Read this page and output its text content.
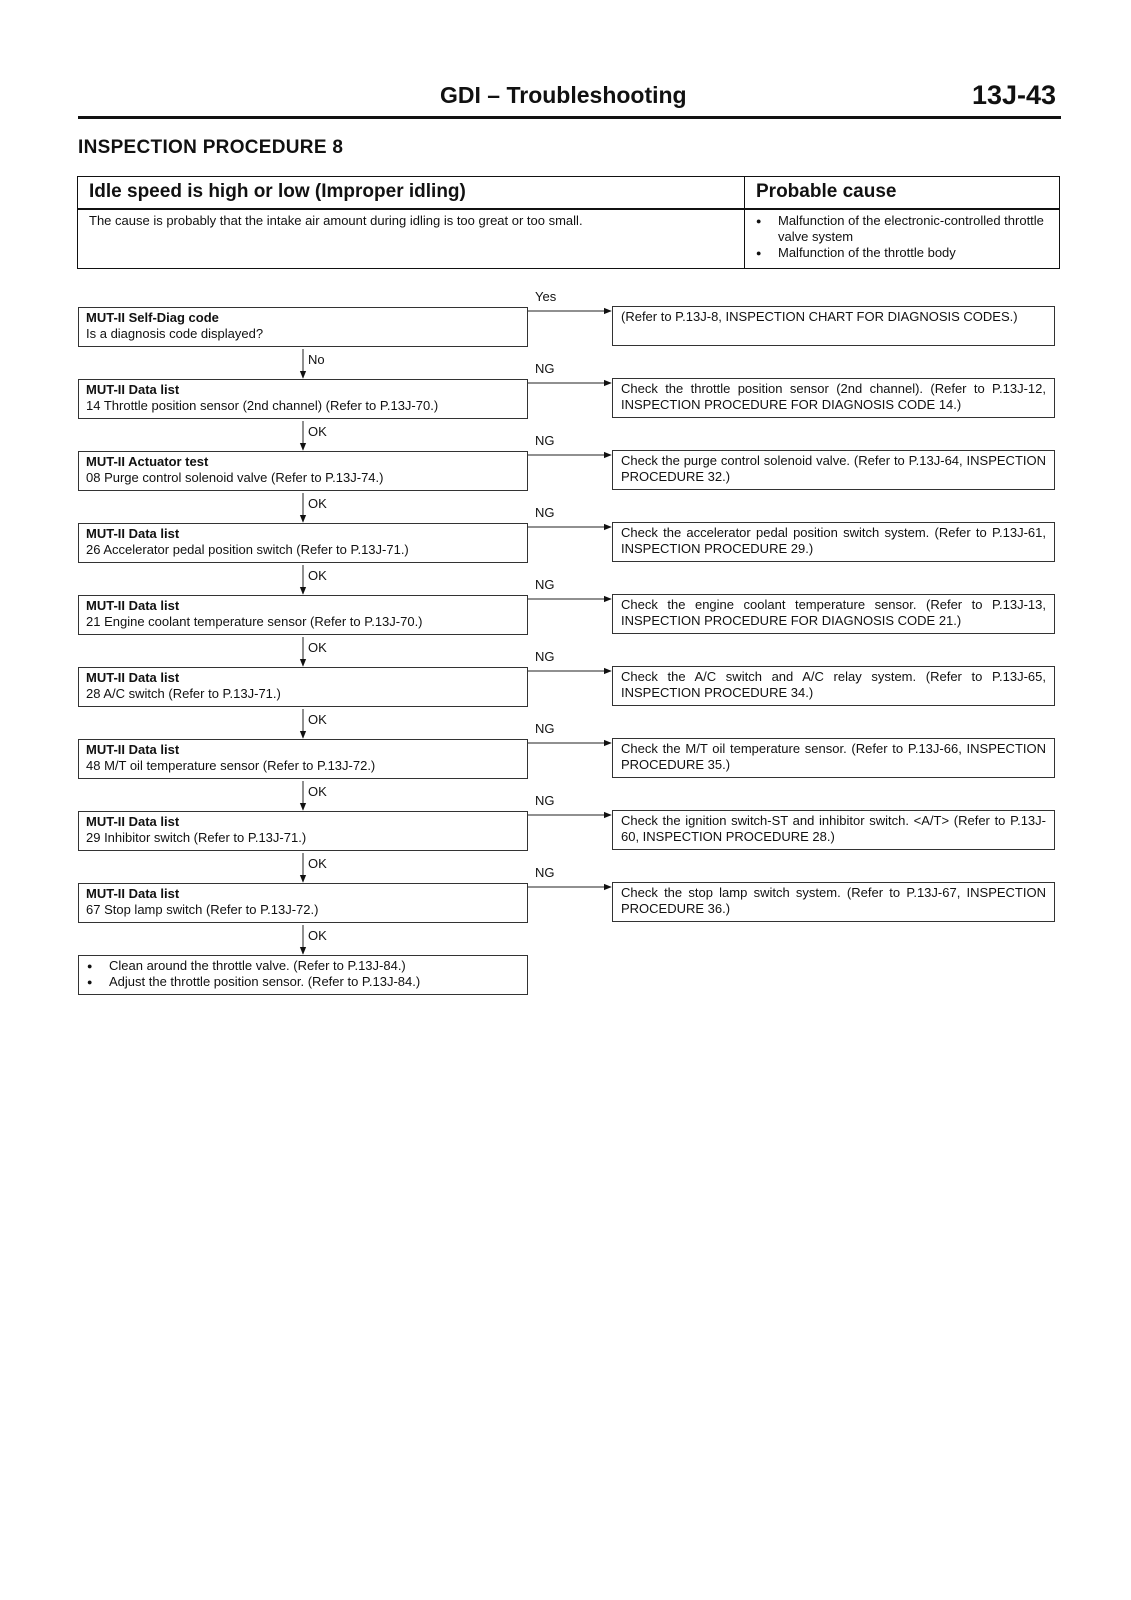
GDI – Troubleshooting	13J-43
INSPECTION PROCEDURE 8
Idle speed is high or low (Improper idling)	Probable cause
The cause is probably that the intake air amount during idling is too great or too small.
●	Malfunction of the electronic-controlled throttle valve system
● Malfunction of the throttle body
MUT-II Self-Diag code
Is a diagnosis code displayed?
(Refer to P.13J-8, INSPECTION CHART FOR DIAGNOSIS CODES.)
Yes
No
MUT-II Data list
14 Throttle position sensor (2nd channel) (Refer to P.13J-70.)
Check the throttle position sensor (2nd channel). (Refer to P.13J-12, INSPECTION PROCEDURE FOR DIAGNOSIS CODE 14.)
NG
OK
MUT-II Actuator test
08 Purge control solenoid valve (Refer to P.13J-74.)
Check the purge control solenoid valve. (Refer to P.13J-64, INSPECTION PROCEDURE 32.)
NG
OK
MUT-II Data list
26 Accelerator pedal position switch (Refer to P.13J-71.)
Check the accelerator pedal position switch system. (Refer to P.13J-61, INSPECTION PROCEDURE 29.)
NG
OK
MUT-II Data list
21 Engine coolant temperature sensor (Refer to P.13J-70.)
Check the engine coolant temperature sensor. (Refer to P.13J-13, INSPECTION PROCEDURE FOR DIAGNOSIS CODE 21.)
NG
OK
MUT-II Data list
28 A/C switch (Refer to P.13J-71.)
Check the A/C switch and A/C relay system. (Refer to P.13J-65, INSPECTION PROCEDURE 34.)
NG
OK
MUT-II Data list
48 M/T oil temperature sensor (Refer to P.13J-72.)
Check the M/T oil temperature sensor. (Refer to P.13J-66, INSPECTION PROCEDURE 35.)
NG
OK
MUT-II Data list
29 Inhibitor switch (Refer to P.13J-71.)
Check the ignition switch-ST and inhibitor switch. <A/T> (Refer to P.13J-60, INSPECTION PROCEDURE 28.)
NG
OK
MUT-II Data list
67 Stop lamp switch (Refer to P.13J-72.)
Check the stop lamp switch system. (Refer to P.13J-67, INSPECTION PROCEDURE 36.)
NG
OK
● Clean around the throttle valve. (Refer to P.13J-84.)
● Adjust the throttle position sensor. (Refer to P.13J-84.)
